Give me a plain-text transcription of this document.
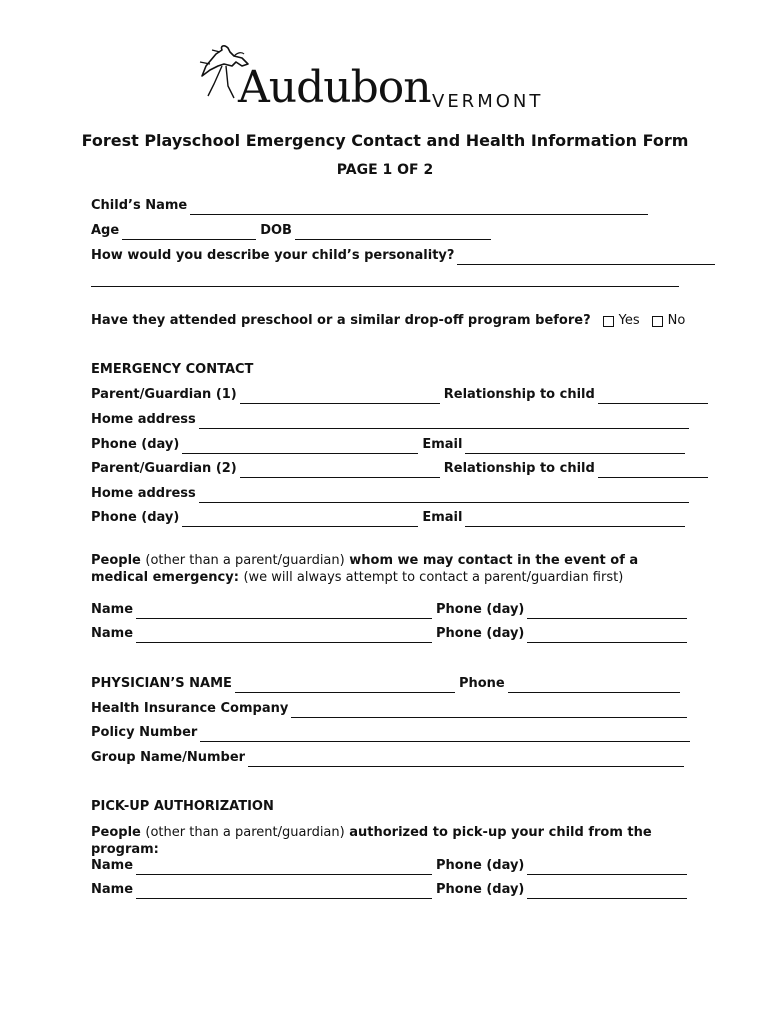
Audubon VERMONT
Forest Playschool Emergency Contact and Health Information Form
PAGE 1 OF 2
Child’s Name
Age	DOB
How would you describe your child’s personality?
Have they attended preschool or a similar drop-off program before? Yes No
EMERGENCY CONTACT
Parent/Guardian (1)	Relationship to child
Home address
Phone (day)	Email
Parent/Guardian (2)	Relationship to child
Home address
Phone (day)	Email
People (other than a parent/guardian) whom we may contact in the event of a medical emergency: (we will always attempt to contact a parent/guardian first)
Name	Phone (day)
Name	Phone (day)
PHYSICIAN’S NAME	Phone
Health Insurance Company
Policy Number
Group Name/Number
PICK-UP AUTHORIZATION
People (other than a parent/guardian) authorized to pick-up your child from the program:
Name	Phone (day)
Name	Phone (day)
